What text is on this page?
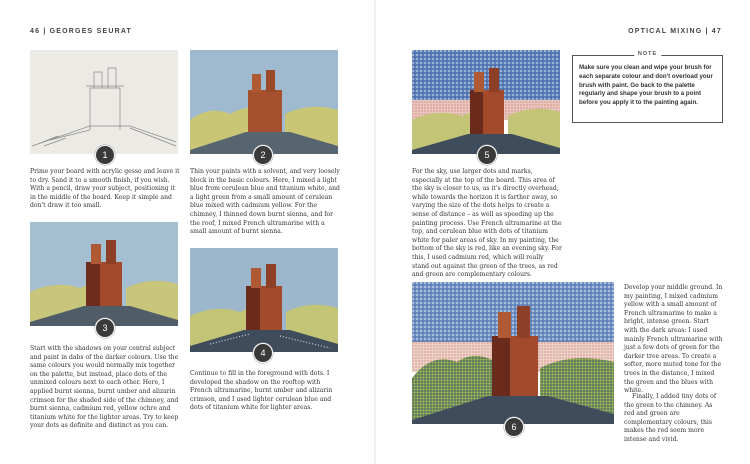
46 | GEORGES SEURAT	OPTICAL MIXING | 47
1	2

Prime your board with acrylic gesso and leave it to dry. Sand it to a smooth finish, if you wish. With a pencil, draw your subject, positioning it in the middle of the board. Keep it simple and don't draw it too small.

Thin your paints with a solvent, and very loosely block in the basic colours. Here, I mixed a light blue from cerulean blue and titanium white, and a light green from a small amount of cerulean blue mixed with cadmium yellow. For the chimney, I thinned down burnt sienna, and for the roof, I mixed French ultramarine with a small amount of burnt sienna.

3

Start with the shadows on your central subject and paint in dabs of the darker colours. Use the same colours you would normally mix together on the palette, but instead, place dots of the unmixed colours next to each other. Here, I applied burnt sienna, burnt umber and alizarin crimson for the shaded side of the chimney, and burnt sienna, cadmium red, yellow ochre and titanium white for the lighter areas. Try to keep your dots as definite and distinct as you can.

4

Continue to fill in the foreground with dots. I developed the shadow on the rooftop with French ultramarine, burnt umber and alizarin crimson, and I used lighter cerulean blue and dots of titanium white for lighter areas.

5

For the sky, use larger dots and marks, especially at the top of the board. This area of the sky is closer to us, as it's directly overhead, while towards the horizon it is farther away, so varying the size of the dots helps to create a sense of distance – as well as speeding up the painting process. Use French ultramarine at the top, and cerulean blue with dots of titanium white for paler areas of sky. In my painting, the bottom of the sky is red, like an evening sky. For this, I used cadmium red, which will really stand out against the green of the trees, as red and green are complementary colours.

NOTE
Make sure you clean and wipe your brush for each separate colour and don't overload your brush with paint. Go back to the palette regularly and shape your brush to a point before you apply it to the painting again.
6

Develop your middle ground. In my painting, I mixed cadmium yellow with a small amount of French ultramarine to make a bright, intense green. Start with the dark areas: I used mainly French ultramarine with just a few dots of green for the darker tree areas. To create a softer, more muted tone for the trees in the distance, I mixed the green and the blues with white.

Finally, I added tiny dots of the green to the chimney. As red and green are complementary colours, this makes the red seem more intense and vivid.
